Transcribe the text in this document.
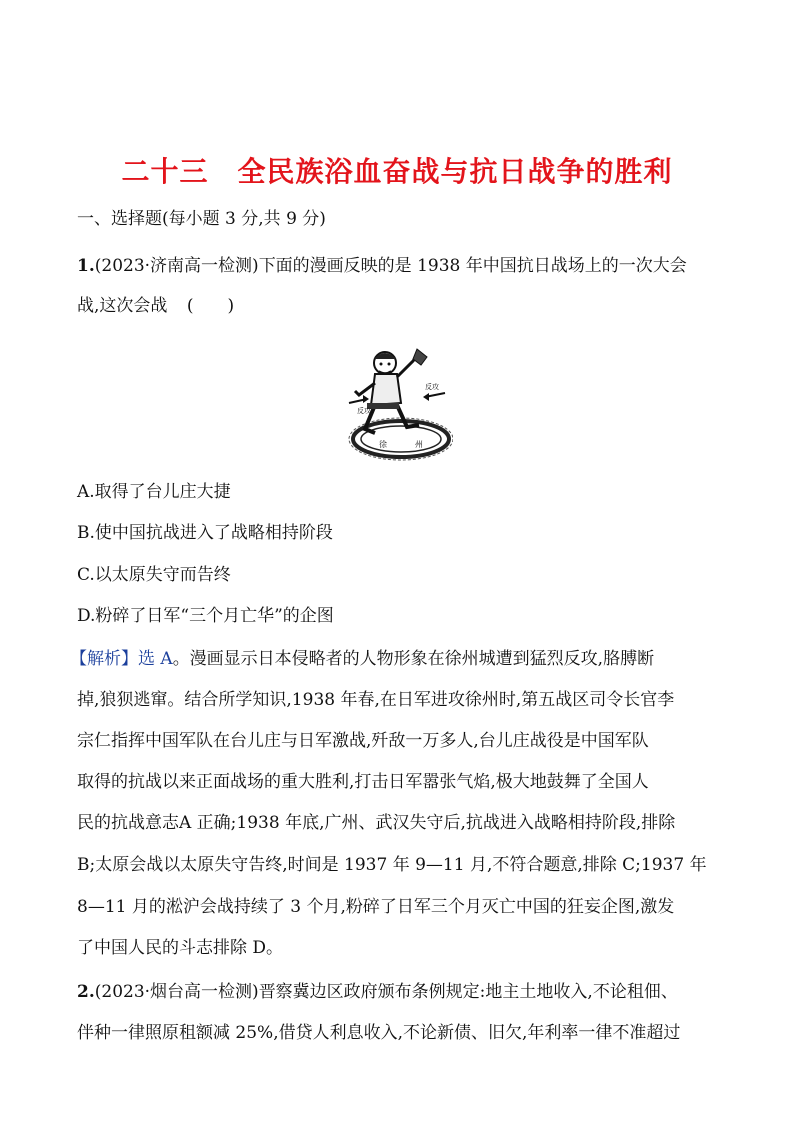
二十三　全民族浴血奋战与抗日战争的胜利
一、选择题(每小题 3 分,共 9 分)
1.(2023·济南高一检测)下面的漫画反映的是 1938 年中国抗日战场上的一次大会
战,这次会战 (　　)
反攻
反攻
徐	州
A.取得了台儿庄大捷
B.使中国抗战进入了战略相持阶段
C.以太原失守而告终
D.粉碎了日军“三个月亡华”的企图
【解析】选 A。漫画显示日本侵略者的人物形象在徐州城遭到猛烈反攻,胳膊断
掉,狼狈逃窜。结合所学知识,1938 年春,在日军进攻徐州时,第五战区司令长官李
宗仁指挥中国军队在台儿庄与日军激战,歼敌一万多人,台儿庄战役是中国军队
取得的抗战以来正面战场的重大胜利,打击日军嚣张气焰,极大地鼓舞了全国人
民的抗战意志A 正确;1938 年底,广州、武汉失守后,抗战进入战略相持阶段,排除
B;太原会战以太原失守告终,时间是 1937 年 9—11 月,不符合题意,排除 C;1937 年
8—11 月的淞沪会战持续了 3 个月,粉碎了日军三个月灭亡中国的狂妄企图,激发
了中国人民的斗志排除 D。
2.(2023·烟台高一检测)晋察冀边区政府颁布条例规定:地主土地收入,不论租佃、
伴种一律照原租额减 25%,借贷人利息收入,不论新债、旧欠,年利率一律不准超过
